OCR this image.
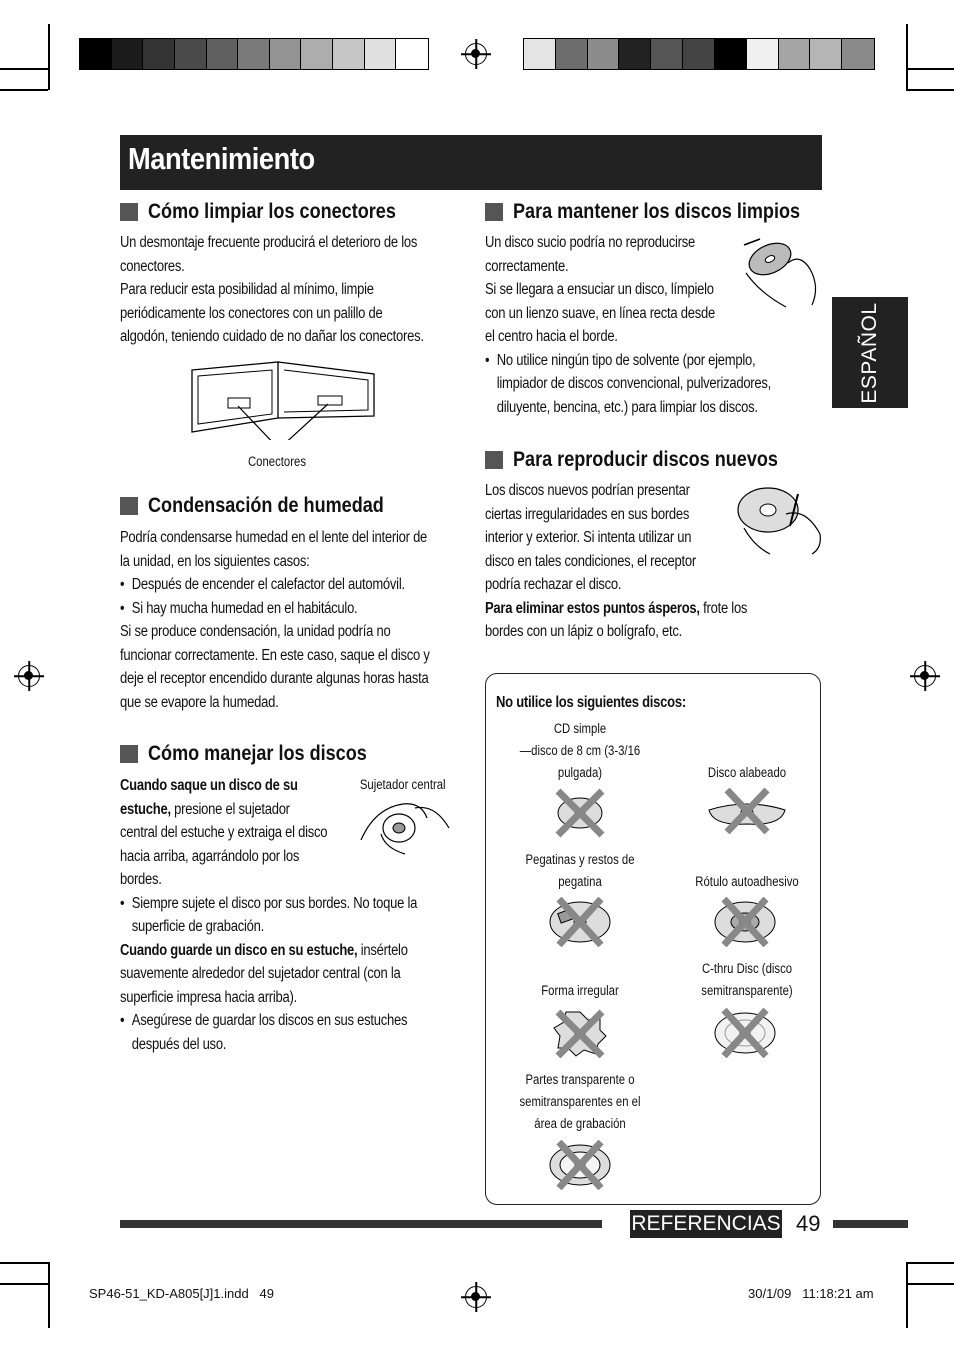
Mantenimiento
ESPAÑOL
Cómo limpiar los conectores
Un desmontaje frecuente producirá el deterioro de los
conectores.
Para reducir esta posibilidad al mínimo, limpie
periódicamente los conectores con un palillo de
algodón, teniendo cuidado de no dañar los conectores.
Conectores
Condensación de humedad
Podría condensarse humedad en el lente del interior de
la unidad, en los siguientes casos:
• Después de encender el calefactor del automóvil.
• Si hay mucha humedad en el habitáculo.
Si se produce condensación, la unidad podría no
funcionar correctamente. En este caso, saque el disco y
deje el receptor encendido durante algunas horas hasta
que se evapore la humedad.
Cómo manejar los discos
Cuando saque un disco de su
estuche, presione el sujetador
central del estuche y extraiga el disco
hacia arriba, agarrándolo por los
bordes.
• Siempre sujete el disco por sus bordes. No toque la
superficie de grabación.
Cuando guarde un disco en su estuche, insértelo
suavemente alrededor del sujetador central (con la
superficie impresa hacia arriba).
• Asegúrese de guardar los discos en sus estuches
después del uso.
Sujetador central
Para mantener los discos limpios
Un disco sucio podría no reproducirse
correctamente.
Si se llegara a ensuciar un disco, límpielo
con un lienzo suave, en línea recta desde
el centro hacia el borde.
• No utilice ningún tipo de solvente (por ejemplo,
limpiador de discos convencional, pulverizadores,
diluyente, bencina, etc.) para limpiar los discos.
Para reproducir discos nuevos
Los discos nuevos podrían presentar
ciertas irregularidades en sus bordes
interior y exterior. Si intenta utilizar un
disco en tales condiciones, el receptor
podría rechazar el disco.
Para eliminar estos puntos ásperos, frote los
bordes con un lápiz o bolígrafo, etc.
No utilice los siguientes discos:
CD simple
—disco de 8 cm (3-3/16
pulgada)	Disco alabeado
Pegatinas y restos de
pegatina	Rótulo autoadhesivo
Forma irregular
C-thru Disc (disco
semitransparente)
Partes transparente o
semitransparentes en el
área de grabación
REFERENCIAS 49
SP46-51_KD-A805[J]1.indd   49	30/1/09   11:18:21 am
